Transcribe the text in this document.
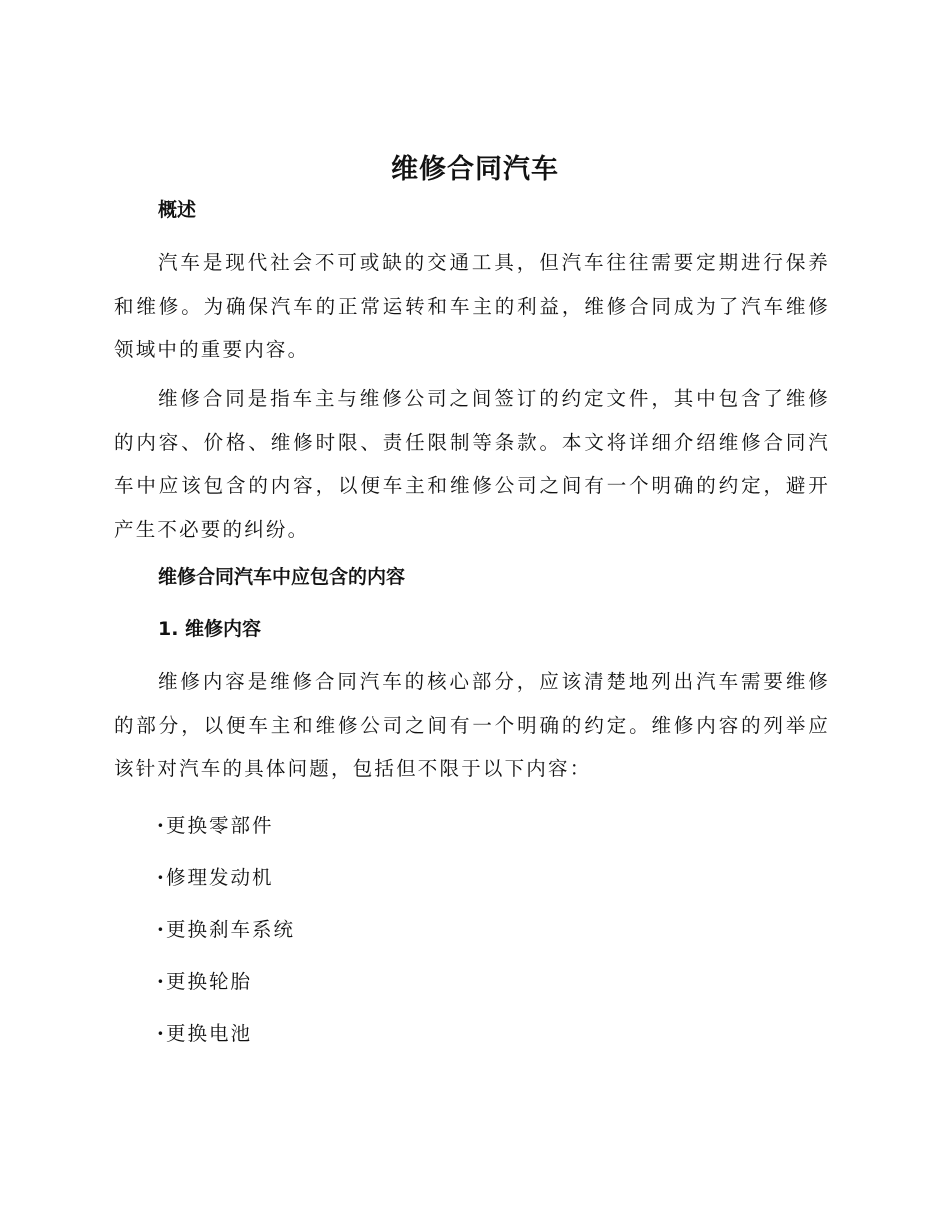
维修合同汽车
概述

汽车是现代社会不可或缺的交通工具，但汽车往往需要定期进行保养和维修。为确保汽车的正常运转和车主的利益，维修合同成为了汽车维修领域中的重要内容。

维修合同是指车主与维修公司之间签订的约定文件，其中包含了维修的内容、价格、维修时限、责任限制等条款。本文将详细介绍维修合同汽车中应该包含的内容，以便车主和维修公司之间有一个明确的约定，避开产生不必要的纠纷。

维修合同汽车中应包含的内容
1. 维修内容

维修内容是维修合同汽车的核心部分，应该清楚地列出汽车需要维修的部分，以便车主和维修公司之间有一个明确的约定。维修内容的列举应该针对汽车的具体问题，包括但不限于以下内容：

·更换零部件
·修理发动机
·更换刹车系统
·更换轮胎
·更换电池
